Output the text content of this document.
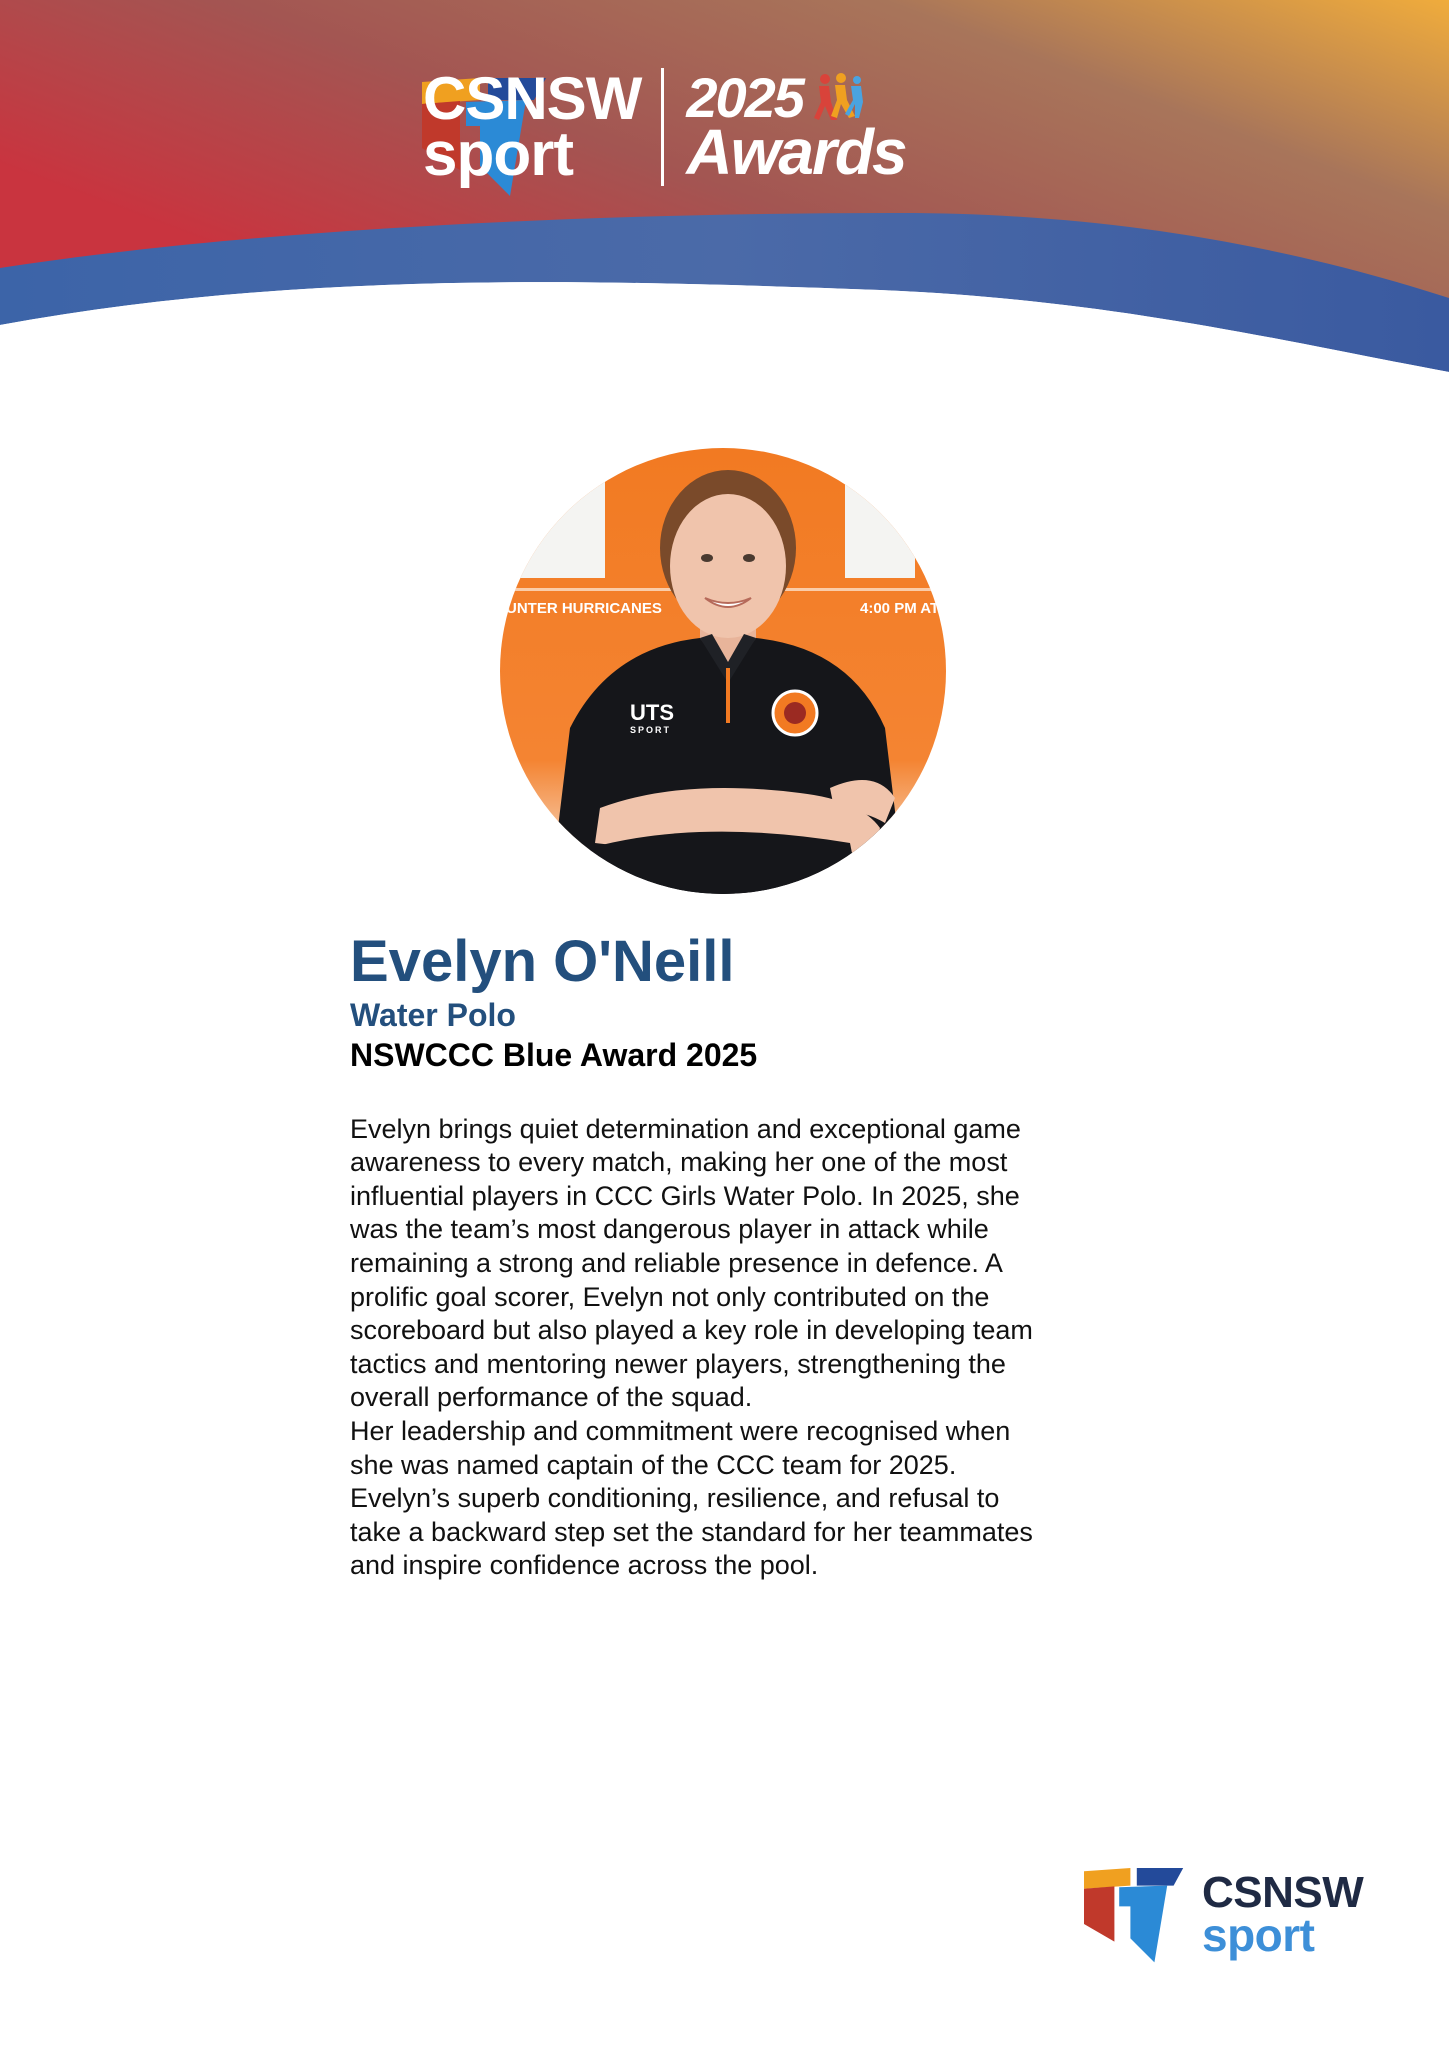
CSNSW
sport
2025
Awards
UNTER HURRICANES	4:00 PM AT
UTS
SPORT
Evelyn O'Neill
Water Polo
NSWCCC Blue Award 2025

Evelyn brings quiet determination and exceptional game

awareness to every match, making her one of the most

influential players in CCC Girls Water Polo. In 2025, she

was the team’s most dangerous player in attack while

remaining a strong and reliable presence in defence. A

prolific goal scorer, Evelyn not only contributed on the

scoreboard but also played a key role in developing team

tactics and mentoring newer players, strengthening the

overall performance of the squad.

Her leadership and commitment were recognised when

she was named captain of the CCC team for 2025.

Evelyn’s superb conditioning, resilience, and refusal to

take a backward step set the standard for her teammates

and inspire confidence across the pool.

CSNSW
sport
